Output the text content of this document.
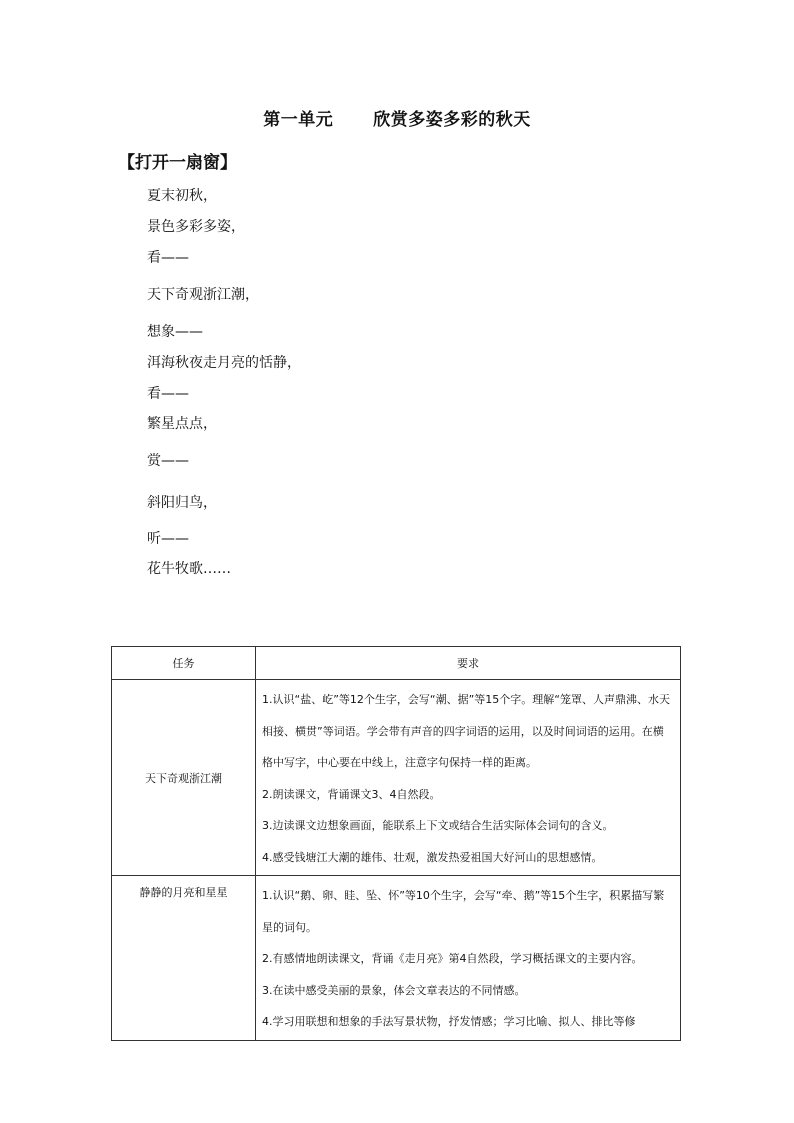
第一单元 欣赏多姿多彩的秋天
【打开一扇窗】
夏末初秋，
景色多彩多姿，
看——
天下奇观浙江潮，
想象——
洱海秋夜走月亮的恬静，
看——
繁星点点，
赏——
斜阳归鸟，
听——
花牛牧歌……
任务	要求
天下奇观浙江潮	1.认识“盐、屹”等12个生字，会写“潮、据”等15个字。理解“笼罩、人声鼎沸、水天相接、横贯”等词语。学会带有声音的四字词语的运用，以及时间词语的运用。在横格中写字，中心要在中线上，注意字句保持一样的距离。
2.朗读课文，背诵课文3、4自然段。
3.边读课文边想象画面，能联系上下文或结合生活实际体会词句的含义。
4.感受钱塘江大潮的雄伟、壮观，激发热爱祖国大好河山的思想感情。

静静的月亮和星星	1.认识“鹅、卵、眭、坠、怀”等10个生字，会写“牵、鹅”等15个生字，积累描写繁星的词句。
2.有感情地朗读课文，背诵《走月亮》第4自然段，学习概括课文的主要内容。
3.在读中感受美丽的景象，体会文章表达的不同情感。
4.学习用联想和想象的手法写景状物，抒发情感；学习比喻、拟人、排比等修
